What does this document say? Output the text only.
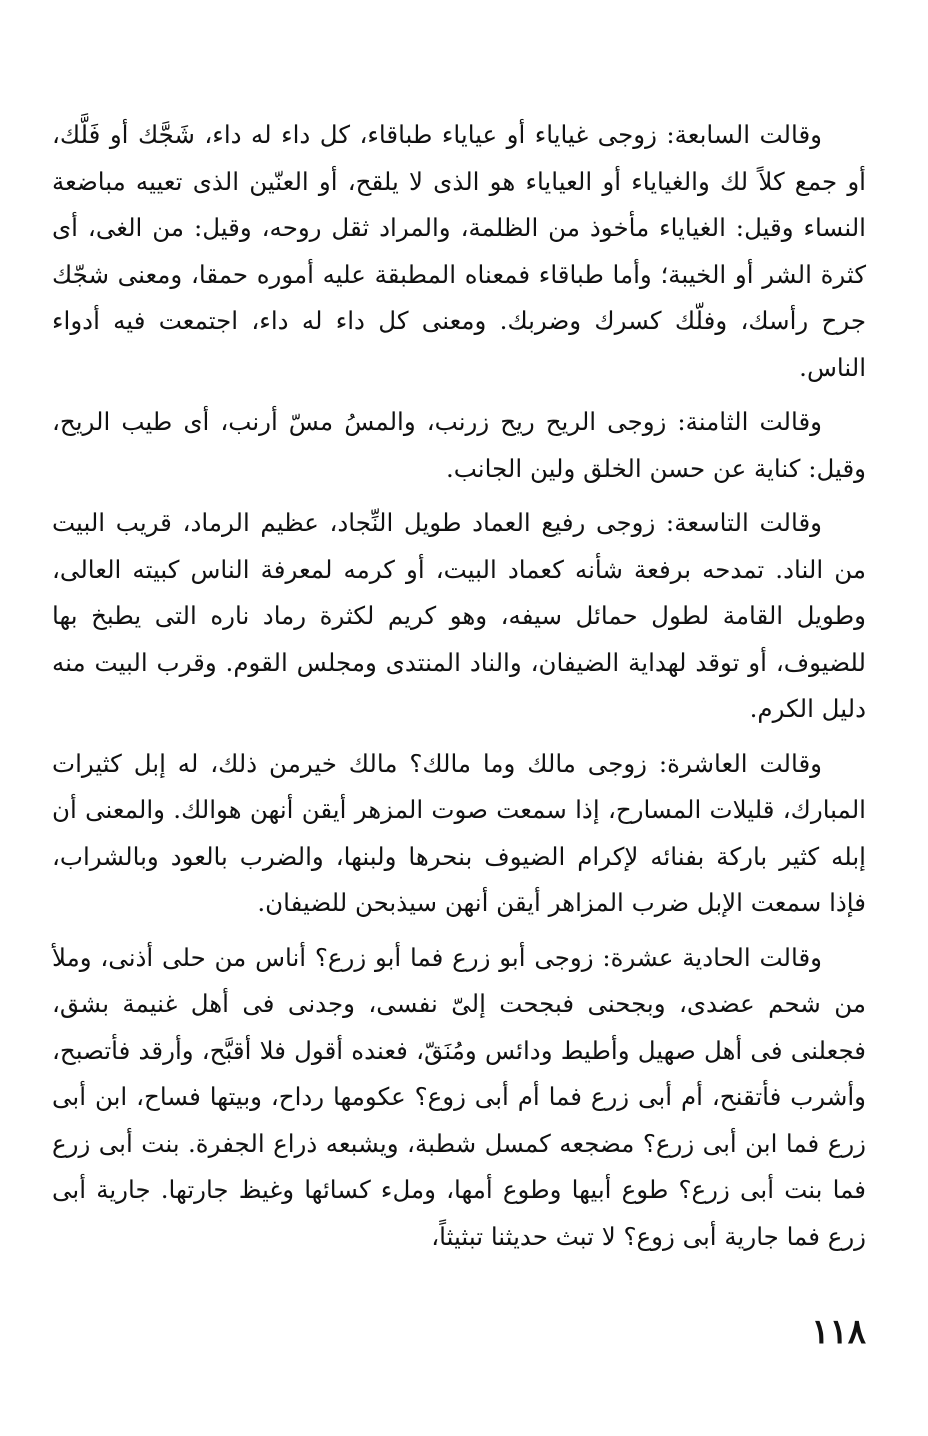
وقالت السابعة: زوجى غياياء أو عياياء طباقاء، كل داء له داء، شَجَّك أو فَلَّك، أو جمع كلاً لك والغياياء أو العياياء هو الذى لا يلقح، أو العنّين الذى تعييه مباضعة النساء وقيل: الغياياء مأخوذ من الظلمة، والمراد ثقل روحه، وقيل: من الغى، أى كثرة الشر أو الخيبة؛ وأما طباقاء فمعناه المطبقة عليه أموره حمقا، ومعنى شجّك جرح رأسك، وفلّك كسرك وضربك. ومعنى كل داء له داء، اجتمعت فيه أدواء الناس.

وقالت الثامنة: زوجى الريح ريح زرنب، والمسُ مسّ أرنب، أى طيب الريح، وقيل: كناية عن حسن الخلق ولين الجانب.

وقالت التاسعة: زوجى رفيع العماد طويل النِّجاد، عظيم الرماد، قريب البيت من الناد. تمدحه برفعة شأنه كعماد البيت، أو كرمه لمعرفة الناس كبيته العالى، وطويل القامة لطول حمائل سيفه، وهو كريم لكثرة رماد ناره التى يطبخ بها للضيوف، أو توقد لهداية الضيفان، والناد المنتدى ومجلس القوم. وقرب البيت منه دليل الكرم.

وقالت العاشرة: زوجى مالك وما مالك؟ مالك خيرمن ذلك، له إبل كثيرات المبارك، قليلات المسارح، إذا سمعت صوت المزهر أيقن أنهن هوالك. والمعنى أن إبله كثير باركة بفنائه لإكرام الضيوف بنحرها ولبنها، والضرب بالعود وبالشراب، فإذا سمعت الإبل ضرب المزاهر أيقن أنهن سيذبحن للضيفان.

وقالت الحادية عشرة: زوجى أبو زرع فما أبو زرع؟ أناس من حلى أذنى، وملأ من شحم عضدى، وبجحنى فبجحت إلىّ نفسى، وجدنى فى أهل غنيمة بشق، فجعلنى فى أهل صهيل وأطيط ودائس ومُنَقّ، فعنده أقول فلا أقبَّح، وأرقد فأتصبح، وأشرب فأتقنح، أم أبى زرع فما أم أبى زوع؟ عكومها رداح، وبيتها فساح، ابن أبى زرع فما ابن أبى زرع؟ مضجعه كمسل شطبة، ويشبعه ذراع الجفرة. بنت أبى زرع فما بنت أبى زرع؟ طوع أبيها وطوع أمها، وملء كسائها وغيظ جارتها. جارية أبى زرع فما جارية أبى زوع؟ لا تبث حديثنا تبثيثاً،

١١٨
